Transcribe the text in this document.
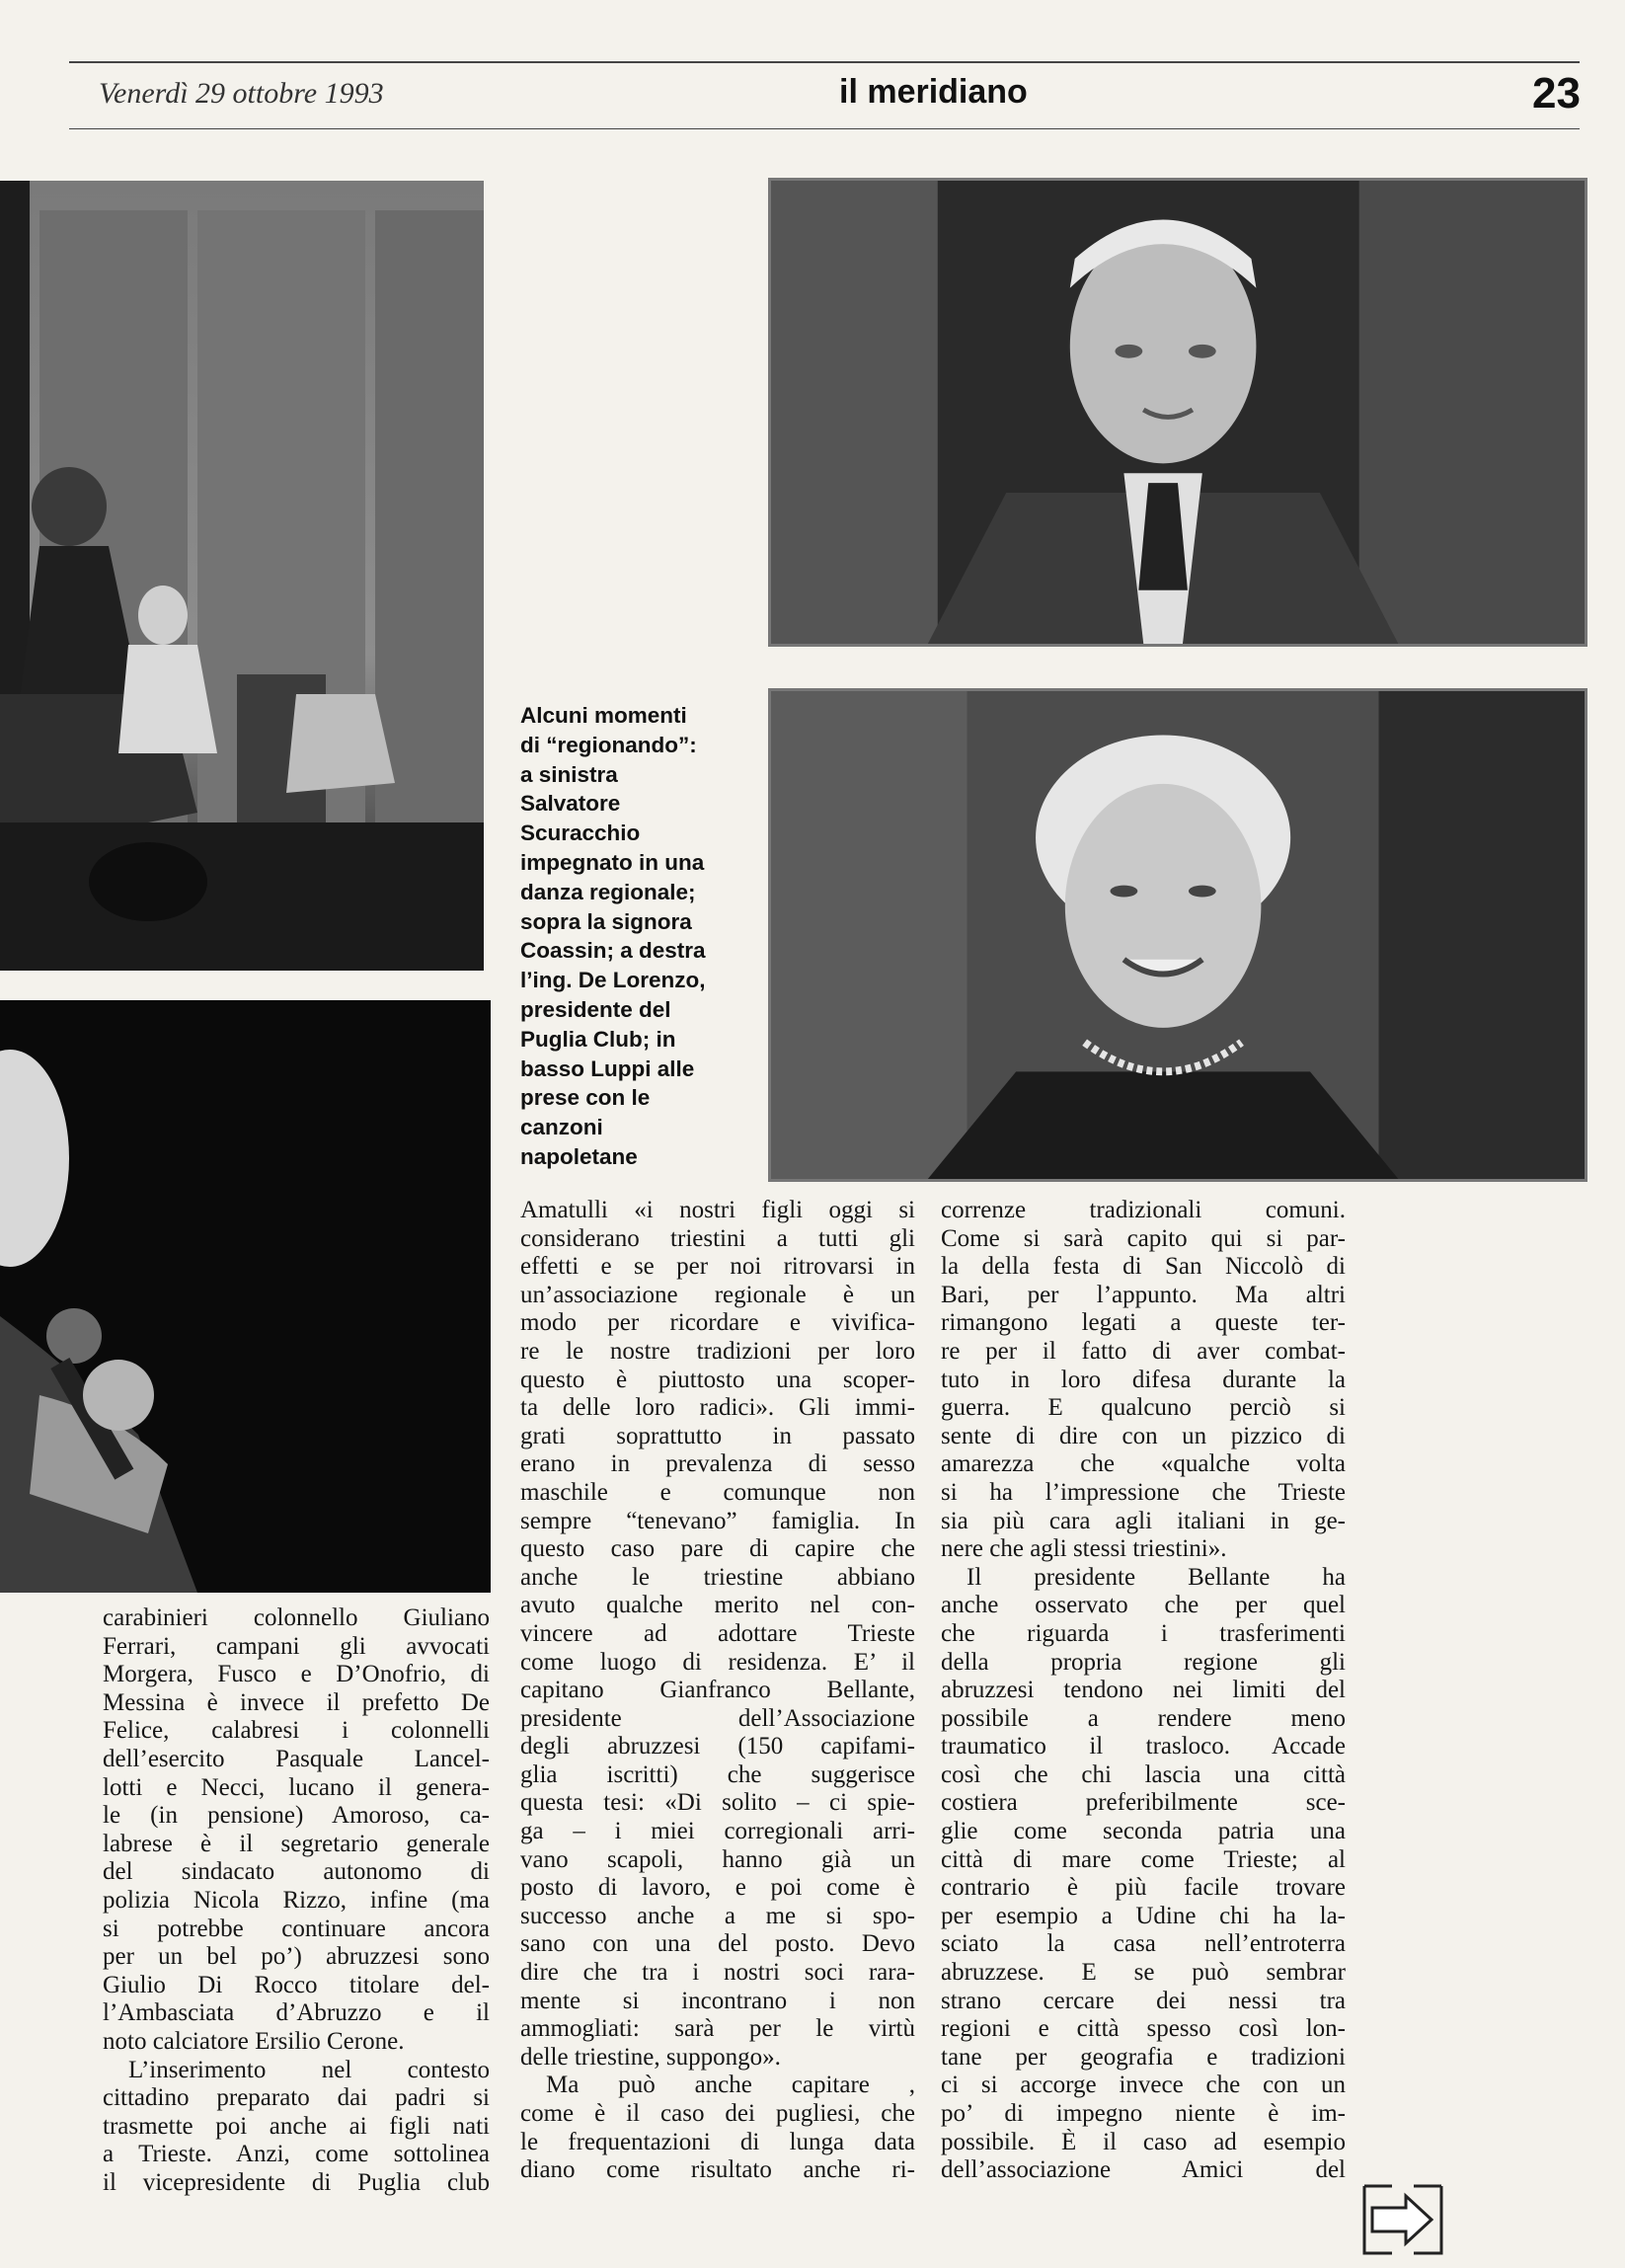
Venerdì 29 ottobre 1993	il meridiano	23
Alcuni momenti
di “regionando”:
a sinistra
Salvatore
Scuracchio
impegnato in una
danza regionale;
sopra la signora
Coassin; a destra
l’ing. De Lorenzo,
presidente del
Puglia Club; in
basso Luppi alle
prese con le
canzoni
napoletane
carabinieri colonnello Giuliano
Ferrari, campani gli avvocati
Morgera, Fusco e D’Onofrio, di
Messina è invece il prefetto De
Felice, calabresi i colonnelli
dell’esercito Pasquale Lancel-
lotti e Necci, lucano il genera-
le (in pensione) Amoroso, ca-
labrese è il segretario generale
del sindacato autonomo di
polizia Nicola Rizzo, infine (ma
si potrebbe continuare ancora
per un bel po’) abruzzesi sono
Giulio Di Rocco titolare del-
l’Ambasciata d’Abruzzo e il
noto calciatore Ersilio Cerone.
L’inserimento nel contesto
cittadino preparato dai padri si
trasmette poi anche ai figli nati
a Trieste. Anzi, come sottolinea
il vicepresidente di Puglia club
Amatulli «i nostri figli oggi si
considerano triestini a tutti gli
effetti e se per noi ritrovarsi in
un’associazione regionale è un
modo per ricordare e vivifica-
re le nostre tradizioni per loro
questo è piuttosto una scoper-
ta delle loro radici». Gli immi-
grati soprattutto in passato
erano in prevalenza di sesso
maschile e comunque non
sempre “tenevano” famiglia. In
questo caso pare di capire che
anche le triestine abbiano
avuto qualche merito nel con-
vincere ad adottare Trieste
come luogo di residenza. E’ il
capitano Gianfranco Bellante,
presidente dell’Associazione
degli abruzzesi (150 capifami-
glia iscritti) che suggerisce
questa tesi: «Di solito – ci spie-
ga – i miei corregionali arri-
vano scapoli, hanno già un
posto di lavoro, e poi come è
successo anche a me si spo-
sano con una del posto. Devo
dire che tra i nostri soci rara-
mente si incontrano i non
ammogliati: sarà per le virtù
delle triestine, suppongo».
Ma può anche capitare ,
come è il caso dei pugliesi, che
le frequentazioni di lunga data
diano come risultato anche ri-
correnze tradizionali comuni.
Come si sarà capito qui si par-
la della festa di San Niccolò di
Bari, per l’appunto. Ma altri
rimangono legati a queste ter-
re per il fatto di aver combat-
tuto in loro difesa durante la
guerra. E qualcuno perciò si
sente di dire con un pizzico di
amarezza che «qualche volta
si ha l’impressione che Trieste
sia più cara agli italiani in ge-
nere che agli stessi triestini».
Il presidente Bellante ha
anche osservato che per quel
che riguarda i trasferimenti
della propria regione gli
abruzzesi tendono nei limiti del
possibile a rendere meno
traumatico il trasloco. Accade
così che chi lascia una città
costiera preferibilmente sce-
glie come seconda patria una
città di mare come Trieste; al
contrario è più facile trovare
per esempio a Udine chi ha la-
sciato la casa nell’entroterra
abruzzese. E se può sembrar
strano cercare dei nessi tra
regioni e città spesso così lon-
tane per geografia e tradizioni
ci si accorge invece che con un
po’ di impegno niente è im-
possibile. È il caso ad esempio
dell’associazione Amici del
